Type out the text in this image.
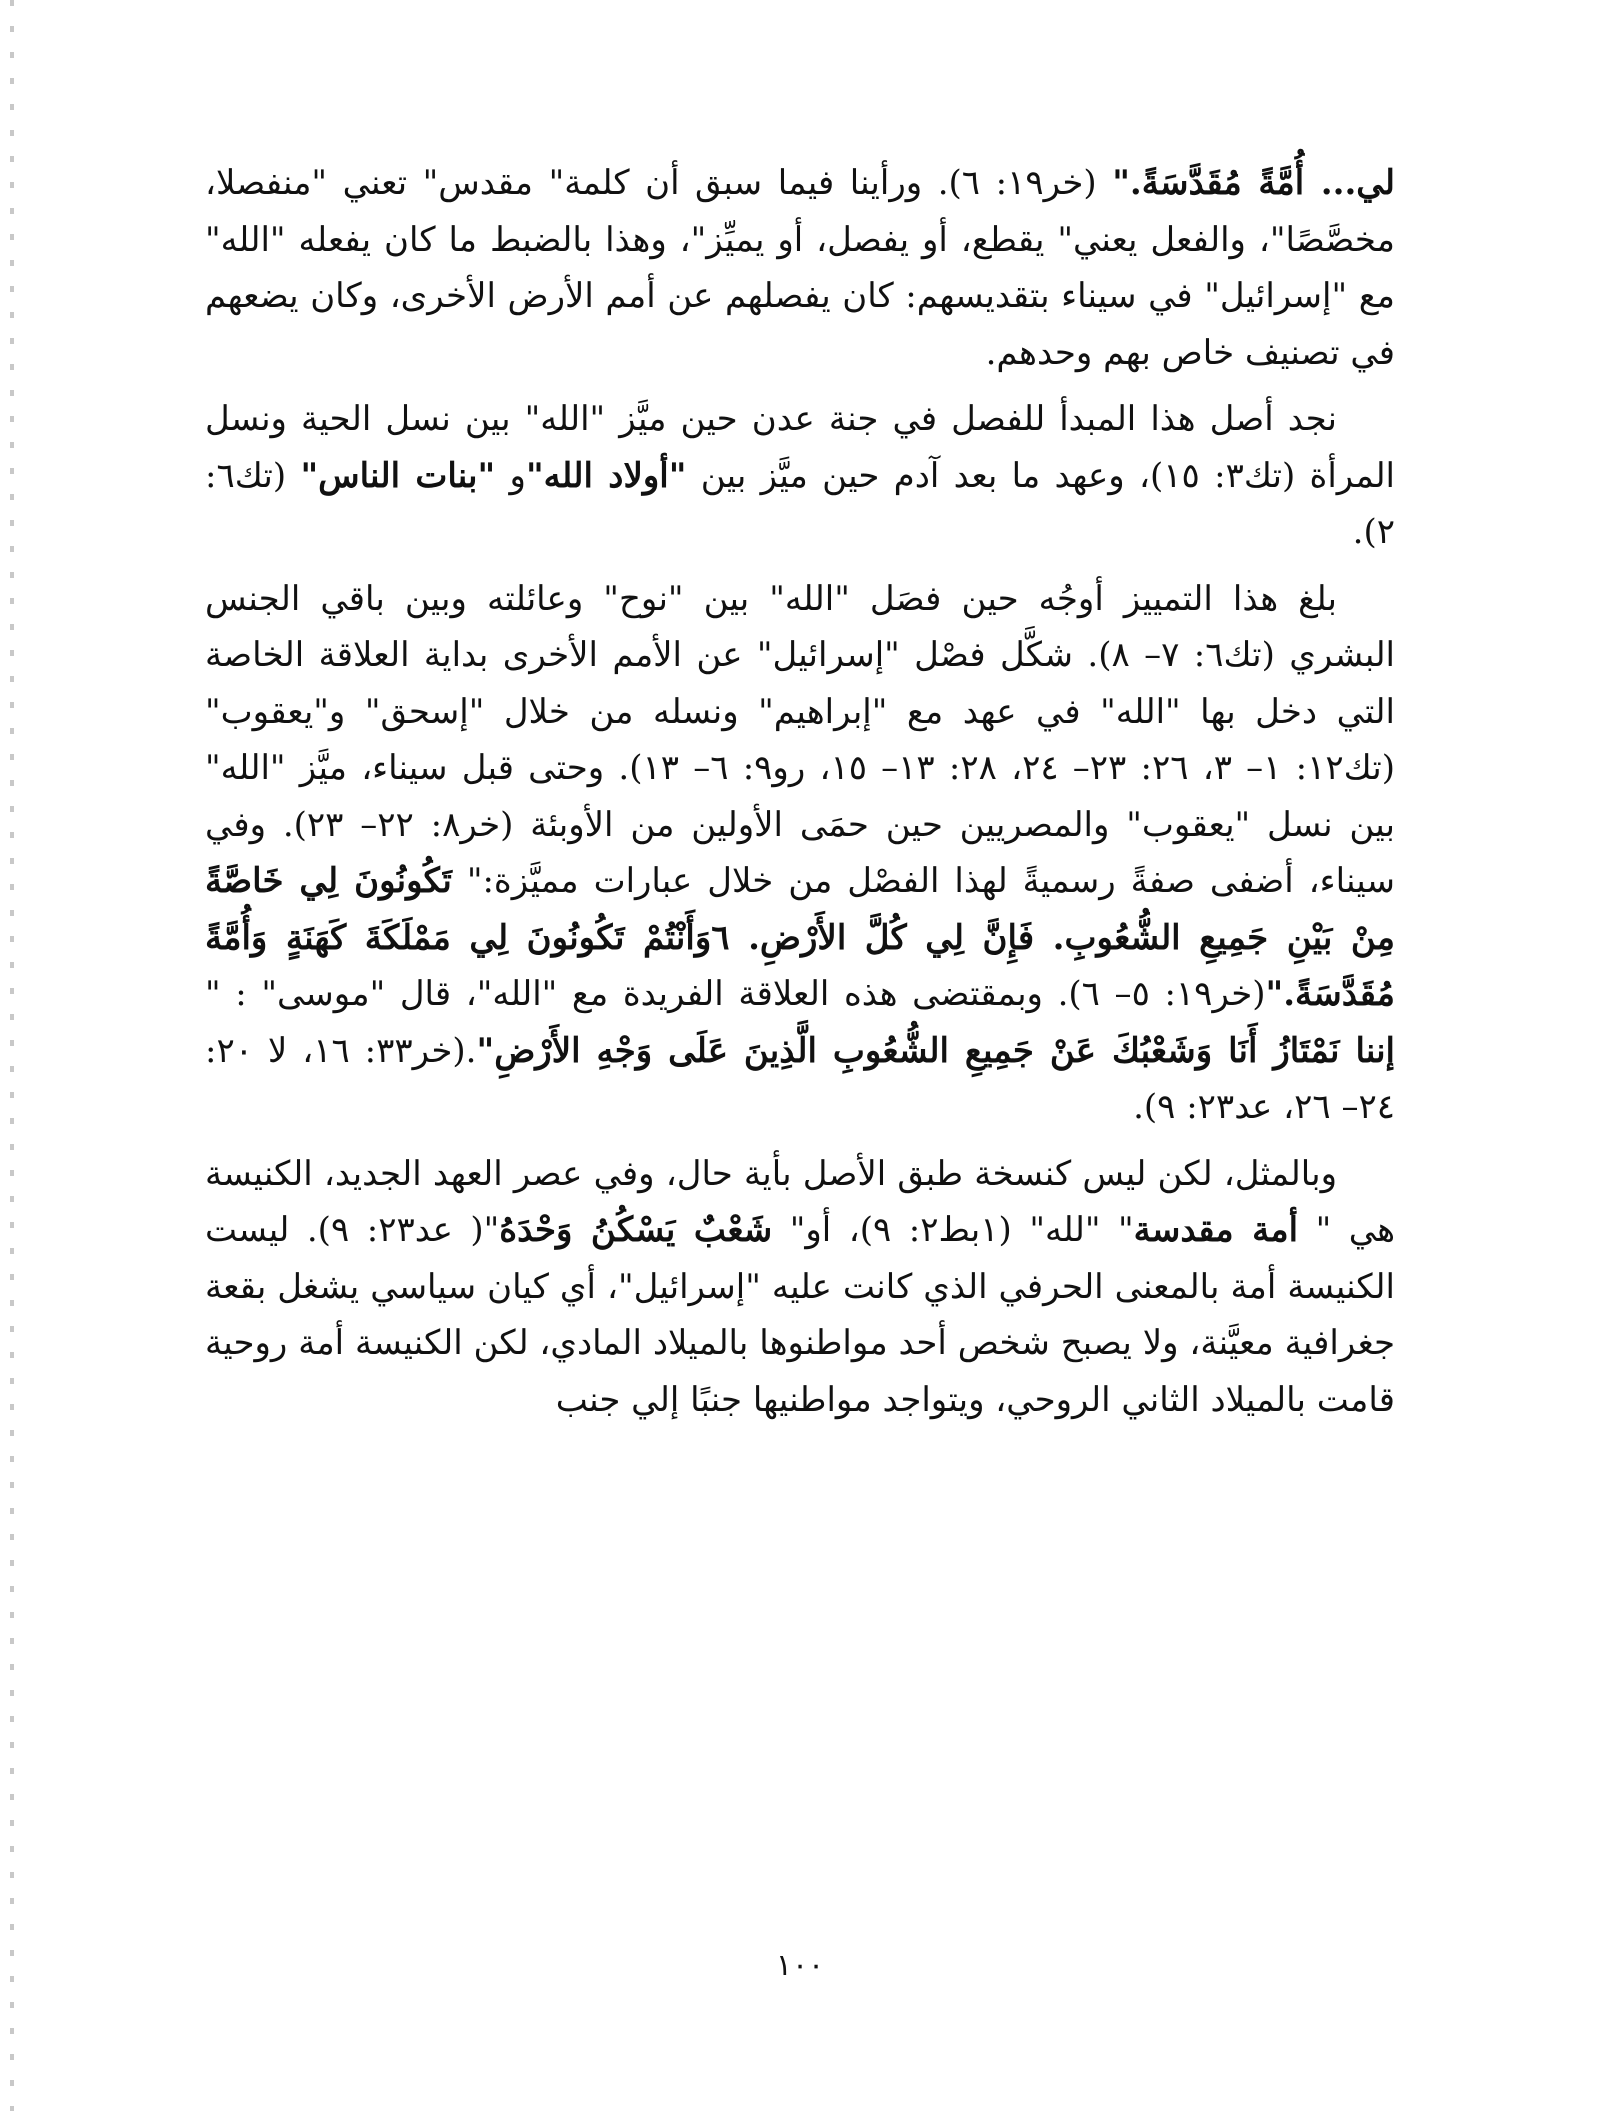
لي... أُمَّةً مُقَدَّسَةً." (خر١٩: ٦). ورأينا فيما سبق أن كلمة" مقدس" تعني "منفصلا، مخصَّصًا"، والفعل يعني" يقطع، أو يفصل، أو يميِّز"، وهذا بالضبط ما كان يفعله "الله" مع "إسرائيل" في سيناء بتقديسهم: كان يفصلهم عن أمم الأرض الأخرى، وكان يضعهم في تصنيف خاص بهم وحدهم.

نجد أصل هذا المبدأ للفصل في جنة عدن حين ميَّز "الله" بين نسل الحية ونسل المرأة (تك٣: ١٥)، وعهد ما بعد آدم حين ميَّز بين "أولاد الله"و "بنات الناس" (تك٦: ٢).

بلغ هذا التمييز أوجُه حين فصَل "الله" بين "نوح" وعائلته وبين باقي الجنس البشري (تك٦: ٧– ٨). شكَّل فصْل "إسرائيل" عن الأمم الأخرى بداية العلاقة الخاصة التي دخل بها "الله" في عهد مع "إبراهيم" ونسله من خلال "إسحق" و"يعقوب" (تك١٢: ١– ٣، ٢٦: ٢٣– ٢٤، ٢٨: ١٣– ١٥، رو٩: ٦– ١٣). وحتى قبل سيناء، ميَّز "الله" بين نسل "يعقوب" والمصريين حين حمَى الأولين من الأوبئة (خر٨: ٢٢– ٢٣). وفي سيناء، أضفى صفةً رسميةً لهذا الفصْل من خلال عبارات مميَّزة:" تَكُونُونَ لِي خَاصَّةً مِنْ بَيْنِ جَمِيعِ الشُّعُوبِ. فَإِنَّ لِي كُلَّ الأَرْضِ. ٦وَأَنْتُمْ تَكُونُونَ لِي مَمْلَكَةَ كَهَنَةٍ وَأُمَّةً مُقَدَّسَةً."(خر١٩: ٥– ٦). وبمقتضى هذه العلاقة الفريدة مع "الله"، قال "موسى" : " إننا نَمْتَازُ أَنَا وَشَعْبُكَ عَنْ جَمِيعِ الشُّعُوبِ الَّذِينَ عَلَى وَجْهِ الأَرْضِ".(خر٣٣: ١٦، لا ٢٠: ٢٤– ٢٦، عد٢٣: ٩).

وبالمثل، لكن ليس كنسخة طبق الأصل بأية حال، وفي عصر العهد الجديد، الكنيسة هي " أمة مقدسة" "لله" (١بط٢: ٩)، أو" شَعْبٌ يَسْكُنُ وَحْدَهُ"( عد٢٣: ٩). ليست الكنيسة أمة بالمعنى الحرفي الذي كانت عليه "إسرائيل"، أي كيان سياسي يشغل بقعة جغرافية معيَّنة، ولا يصبح شخص أحد مواطنوها بالميلاد المادي، لكن الكنيسة أمة روحية قامت بالميلاد الثاني الروحي، ويتواجد مواطنيها جنبًا إلي جنب

١٠٠
